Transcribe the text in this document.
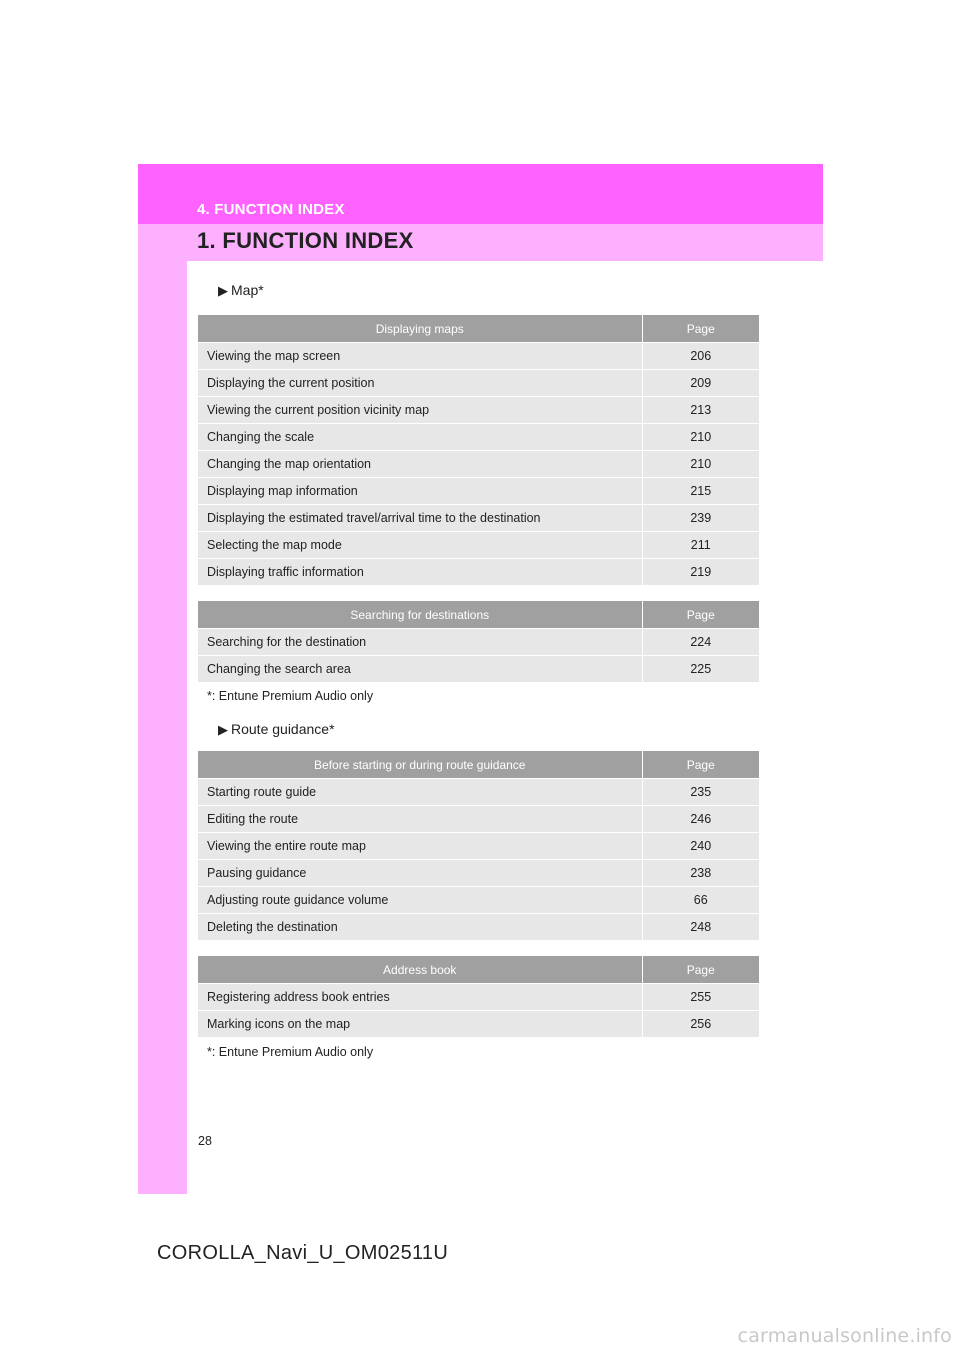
4. FUNCTION INDEX
1. FUNCTION INDEX
▶ Map*
Displaying maps	Page
Viewing the map screen	206
Displaying the current position	209
Viewing the current position vicinity map	213
Changing the scale	210
Changing the map orientation	210
Displaying map information	215
Displaying the estimated travel/arrival time to the destination	239
Selecting the map mode	211
Displaying traffic information	219
Searching for destinations	Page
Searching for the destination	224
Changing the search area	225
*: Entune Premium Audio only
▶ Route guidance*
Before starting or during route guidance	Page
Starting route guide	235
Editing the route	246
Viewing the entire route map	240
Pausing guidance	238
Adjusting route guidance volume	66
Deleting the destination	248
Address book	Page
Registering address book entries	255
Marking icons on the map	256
*: Entune Premium Audio only
28
COROLLA_Navi_U_OM02511U
carmanualsonline.info
